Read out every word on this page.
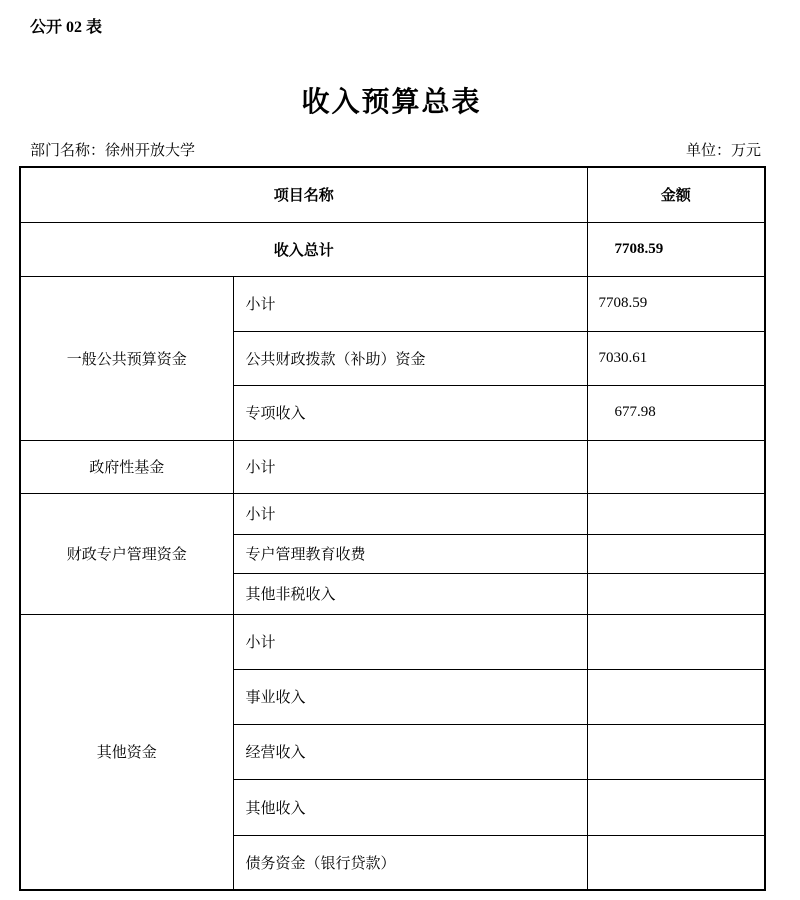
公开 02 表
收入预算总表
部门名称：徐州开放大学	单位：万元
项目名称		金额
收入总计		7708.59
一般公共预算资金	小计	7708.59
	公共财政拨款（补助）资金	7030.61
	专项收入	677.98
政府性基金	小计	
财政专户管理资金	小计	
	专户管理教育收费	
	其他非税收入	
其他资金	小计	
	事业收入	
	经营收入	
	其他收入	
	债务资金（银行贷款）	
